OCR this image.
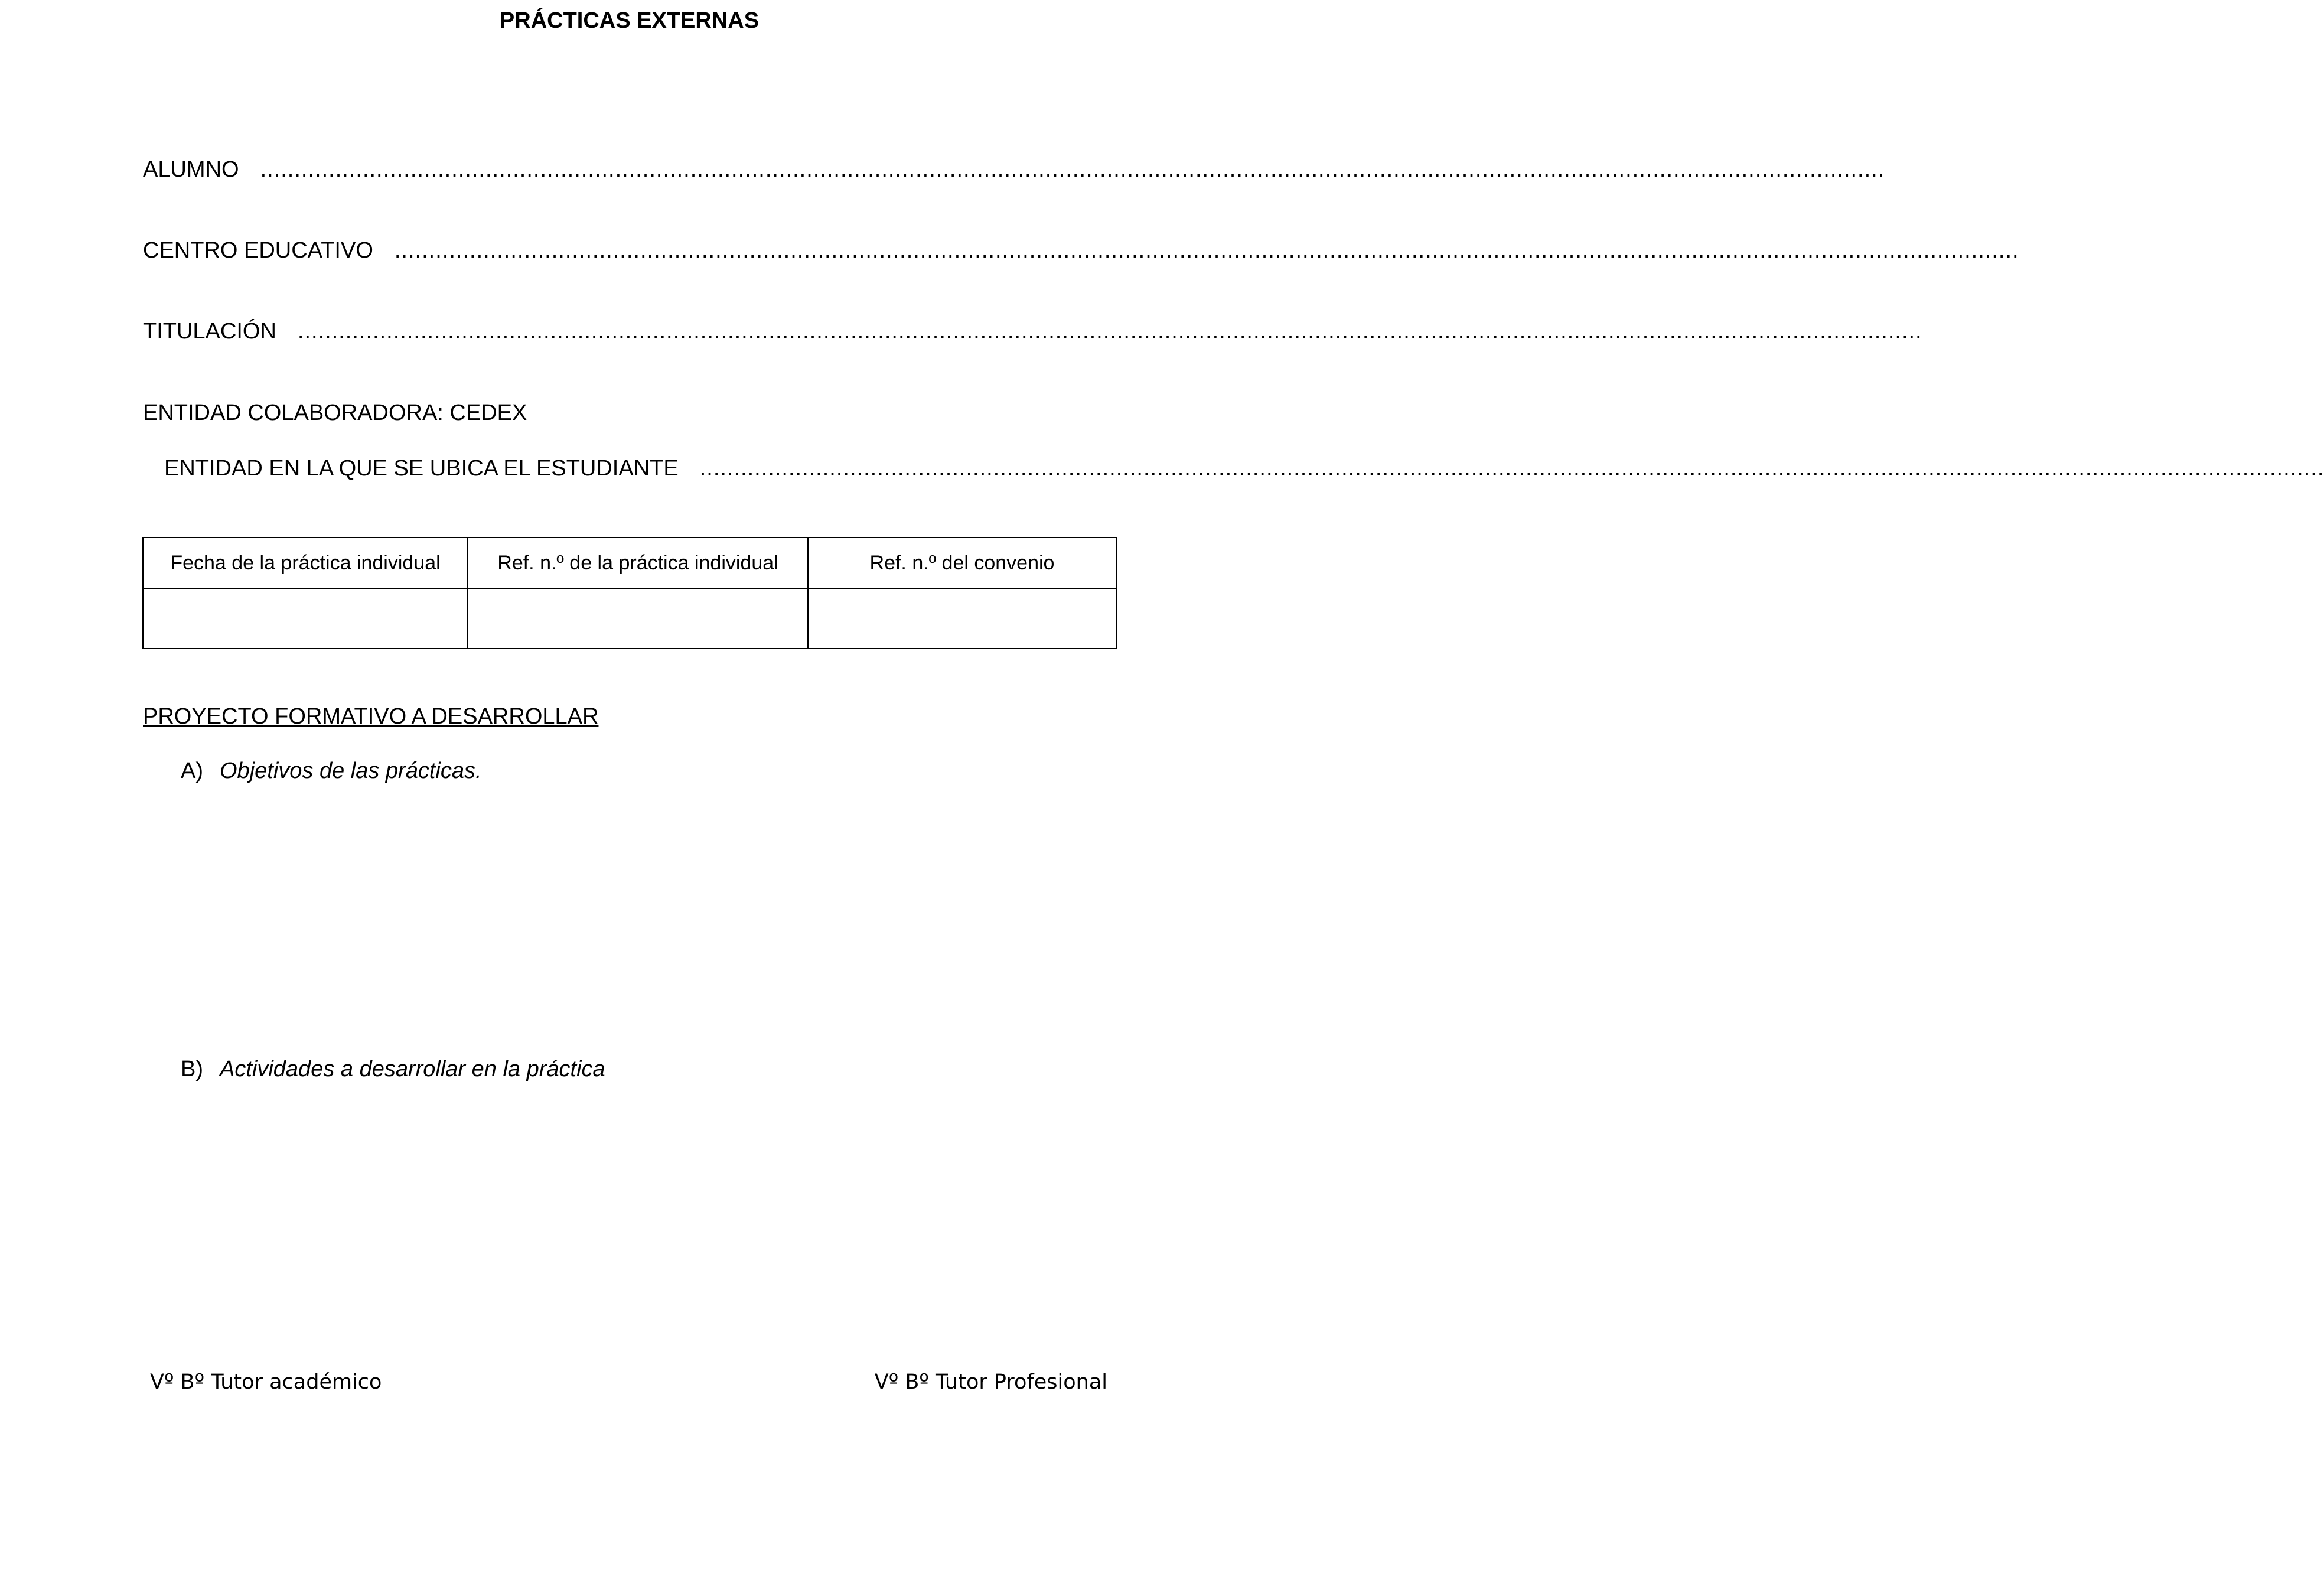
PRÁCTICAS EXTERNAS
ALUMNO ..............................................................................................................................................................................................................................................
CENTRO EDUCATIVO ..............................................................................................................................................................................................................................................
TITULACIÓN ..............................................................................................................................................................................................................................................
ENTIDAD COLABORADORA: CEDEX
ENTIDAD EN LA QUE SE UBICA EL ESTUDIANTE ..............................................................................................................................................................................................................................................
Fecha de la práctica individual	Ref. n.º de la práctica individual	Ref. n.º del convenio

PROYECTO FORMATIVO A DESARROLLAR
A) Objetivos de las prácticas.
B) Actividades a desarrollar en la práctica
Vº Bº Tutor académico	Vº Bº Tutor Profesional
